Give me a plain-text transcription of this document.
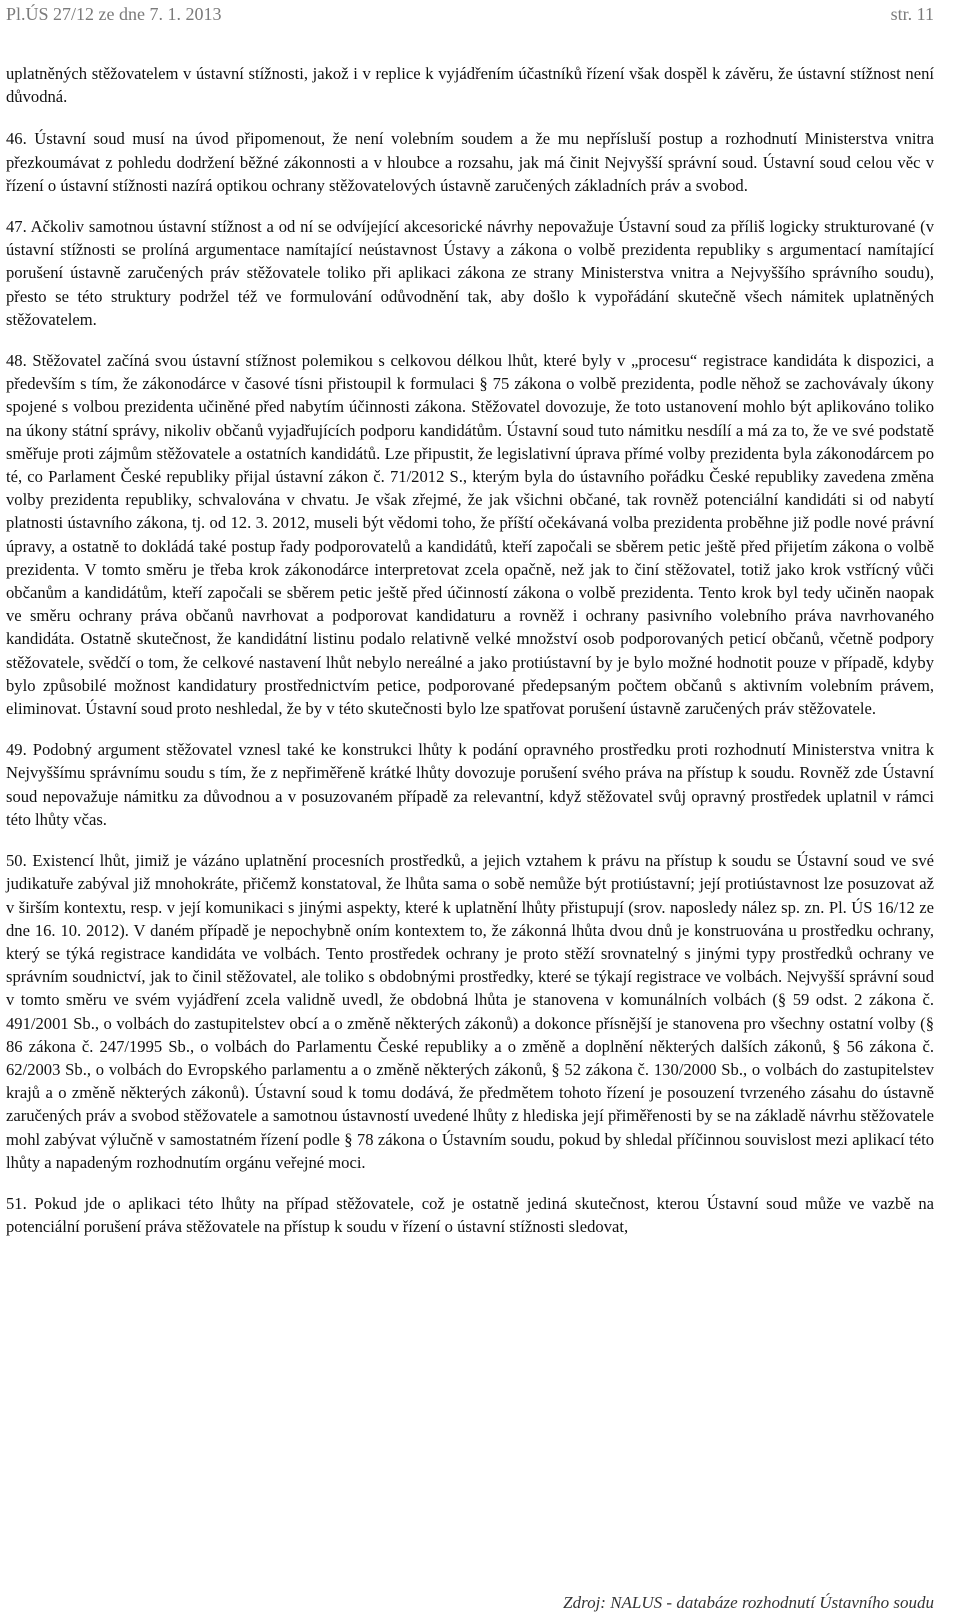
Pl.ÚS 27/12 ze dne 7. 1. 2013	str. 11

uplatněných stěžovatelem v ústavní stížnosti, jakož i v replice k vyjádřením účastníků řízení však dospěl k závěru, že ústavní stížnost není důvodná.

46. Ústavní soud musí na úvod připomenout, že není volebním soudem a že mu nepřísluší postup a rozhodnutí Ministerstva vnitra přezkoumávat z pohledu dodržení běžné zákonnosti a v hloubce a rozsahu, jak má činit Nejvyšší správní soud. Ústavní soud celou věc v řízení o ústavní stížnosti nazírá optikou ochrany stěžovatelových ústavně zaručených základních práv a svobod.

47. Ačkoliv samotnou ústavní stížnost a od ní se odvíjející akcesorické návrhy nepovažuje Ústavní soud za příliš logicky strukturované (v ústavní stížnosti se prolíná argumentace namítající neústavnost Ústavy a zákona o volbě prezidenta republiky s argumentací namítající porušení ústavně zaručených práv stěžovatele toliko při aplikaci zákona ze strany Ministerstva vnitra a Nejvyššího správního soudu), přesto se této struktury podržel též ve formulování odůvodnění tak, aby došlo k vypořádání skutečně všech námitek uplatněných stěžovatelem.

48. Stěžovatel začíná svou ústavní stížnost polemikou s celkovou délkou lhůt, které byly v „procesu“ registrace kandidáta k dispozici, a především s tím, že zákonodárce v časové tísni přistoupil k formulaci § 75 zákona o volbě prezidenta, podle něhož se zachovávaly úkony spojené s volbou prezidenta učiněné před nabytím účinnosti zákona. Stěžovatel dovozuje, že toto ustanovení mohlo být aplikováno toliko na úkony státní správy, nikoliv občanů vyjadřujících podporu kandidátům. Ústavní soud tuto námitku nesdílí a má za to, že ve své podstatě směřuje proti zájmům stěžovatele a ostatních kandidátů. Lze připustit, že legislativní úprava přímé volby prezidenta byla zákonodárcem po té, co Parlament České republiky přijal ústavní zákon č. 71/2012 S., kterým byla do ústavního pořádku České republiky zavedena změna volby prezidenta republiky, schvalována v chvatu. Je však zřejmé, že jak všichni občané, tak rovněž potenciální kandidáti si od nabytí platnosti ústavního zákona, tj. od 12. 3. 2012, museli být vědomi toho, že příští očekávaná volba prezidenta proběhne již podle nové právní úpravy, a ostatně to dokládá také postup řady podporovatelů a kandidátů, kteří započali se sběrem petic ještě před přijetím zákona o volbě prezidenta. V tomto směru je třeba krok zákonodárce interpretovat zcela opačně, než jak to činí stěžovatel, totiž jako krok vstřícný vůči občanům a kandidátům, kteří započali se sběrem petic ještě před účinností zákona o volbě prezidenta. Tento krok byl tedy učiněn naopak ve směru ochrany práva občanů navrhovat a podporovat kandidaturu a rovněž i ochrany pasivního volebního práva navrhovaného kandidáta. Ostatně skutečnost, že kandidátní listinu podalo relativně velké množství osob podporovaných peticí občanů, včetně podpory stěžovatele, svědčí o tom, že celkové nastavení lhůt nebylo nereálné a jako protiústavní by je bylo možné hodnotit pouze v případě, kdyby bylo způsobilé možnost kandidatury prostřednictvím petice, podporované předepsaným počtem občanů s aktivním volebním právem, eliminovat. Ústavní soud proto neshledal, že by v této skutečnosti bylo lze spatřovat porušení ústavně zaručených práv stěžovatele.

49. Podobný argument stěžovatel vznesl také ke konstrukci lhůty k podání opravného prostředku proti rozhodnutí Ministerstva vnitra k Nejvyššímu správnímu soudu s tím, že z nepřiměřeně krátké lhůty dovozuje porušení svého práva na přístup k soudu. Rovněž zde Ústavní soud nepovažuje námitku za důvodnou a v posuzovaném případě za relevantní, když stěžovatel svůj opravný prostředek uplatnil v rámci této lhůty včas.

50. Existencí lhůt, jimiž je vázáno uplatnění procesních prostředků, a jejich vztahem k právu na přístup k soudu se Ústavní soud ve své judikatuře zabýval již mnohokráte, přičemž konstatoval, že lhůta sama o sobě nemůže být protiústavní; její protiústavnost lze posuzovat až v širším kontextu, resp. v její komunikaci s jinými aspekty, které k uplatnění lhůty přistupují (srov. naposledy nález sp. zn. Pl. ÚS 16/12 ze dne 16. 10. 2012). V daném případě je nepochybně oním kontextem to, že zákonná lhůta dvou dnů je konstruována u prostředku ochrany, který se týká registrace kandidáta ve volbách. Tento prostředek ochrany je proto stěží srovnatelný s jinými typy prostředků ochrany ve správním soudnictví, jak to činil stěžovatel, ale toliko s obdobnými prostředky, které se týkají registrace ve volbách. Nejvyšší správní soud v tomto směru ve svém vyjádření zcela validně uvedl, že obdobná lhůta je stanovena v komunálních volbách (§ 59 odst. 2 zákona č. 491/2001 Sb., o volbách do zastupitelstev obcí a o změně některých zákonů) a dokonce přísnější je stanovena pro všechny ostatní volby (§ 86 zákona č. 247/1995 Sb., o volbách do Parlamentu České republiky a o změně a doplnění některých dalších zákonů, § 56 zákona č. 62/2003 Sb., o volbách do Evropského parlamentu a o změně některých zákonů, § 52 zákona č. 130/2000 Sb., o volbách do zastupitelstev krajů a o změně některých zákonů). Ústavní soud k tomu dodává, že předmětem tohoto řízení je posouzení tvrzeného zásahu do ústavně zaručených práv a svobod stěžovatele a samotnou ústavností uvedené lhůty z hlediska její přiměřenosti by se na základě návrhu stěžovatele mohl zabývat výlučně v samostatném řízení podle § 78 zákona o Ústavním soudu, pokud by shledal příčinnou souvislost mezi aplikací této lhůty a napadeným rozhodnutím orgánu veřejné moci.

51. Pokud jde o aplikaci této lhůty na případ stěžovatele, což je ostatně jediná skutečnost, kterou Ústavní soud může ve vazbě na potenciální porušení práva stěžovatele na přístup k soudu v řízení o ústavní stížnosti sledovat,

Zdroj: NALUS - databáze rozhodnutí Ústavního soudu
